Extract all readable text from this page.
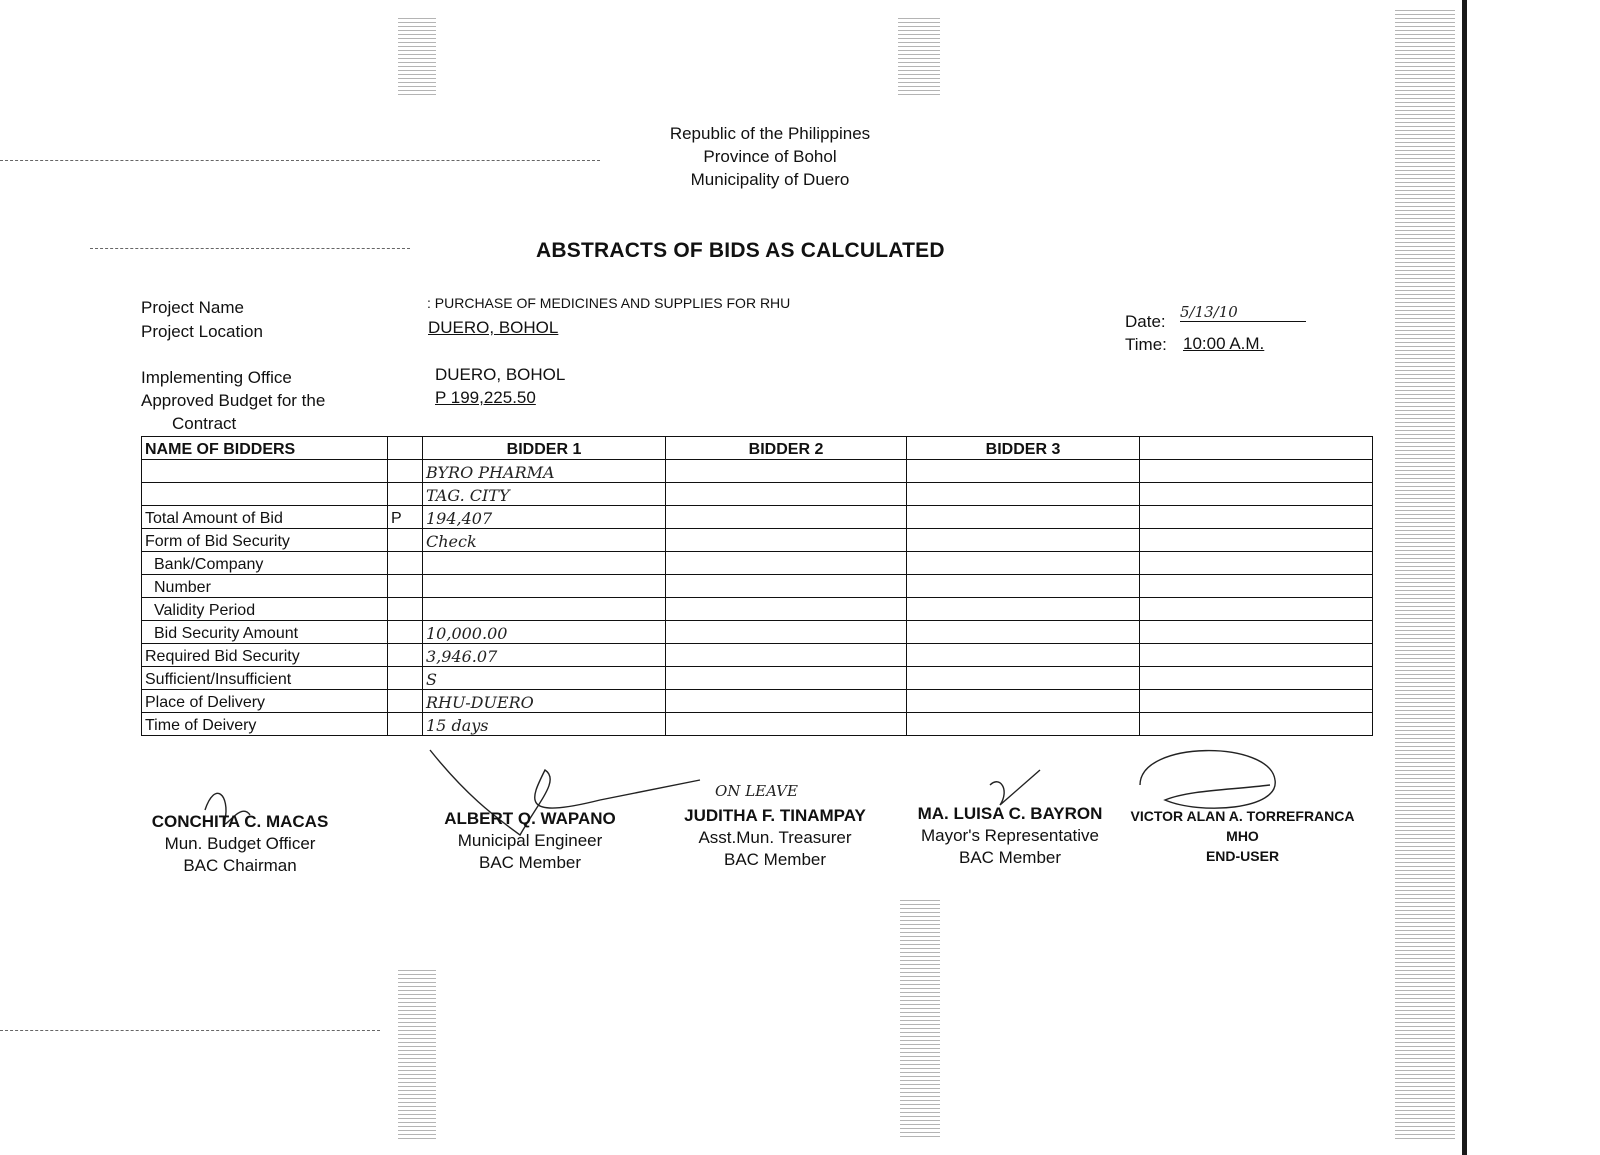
Republic of the Philippines
Province of Bohol
Municipality of Duero
ABSTRACTS OF BIDS AS CALCULATED
Project Name	: PURCHASE OF MEDICINES AND SUPPLIES FOR RHU
Project Location	DUERO, BOHOL
Implementing Office	DUERO, BOHOL
Approved Budget for the
Contract
P 199,225.50
Date: 5/13/10
Time: 10:00 A.M.
NAME OF BIDDERS		BIDDER 1	BIDDER 2	BIDDER 3	
		BYRO PHARMA			
		TAG. CITY			
Total Amount of Bid	P	194,407			
Form of Bid Security		Check			
Bank/Company					
Number					
Validity Period					
Bid Security Amount		10,000.00			
Required Bid Security		3,946.07			
Sufficient/Insufficient		S			
Place of Delivery		RHU-DUERO			
Time of Deivery		15 days			
CONCHITA C. MACAS
Mun. Budget Officer
BAC Chairman
ALBERT Q. WAPANO
Municipal Engineer
BAC Member
ON LEAVE
JUDITHA F. TINAMPAY
Asst.Mun. Treasurer
BAC Member
MA. LUISA C. BAYRON
Mayor's Representative
BAC Member
VICTOR ALAN A. TORREFRANCA
MHO
END-USER
